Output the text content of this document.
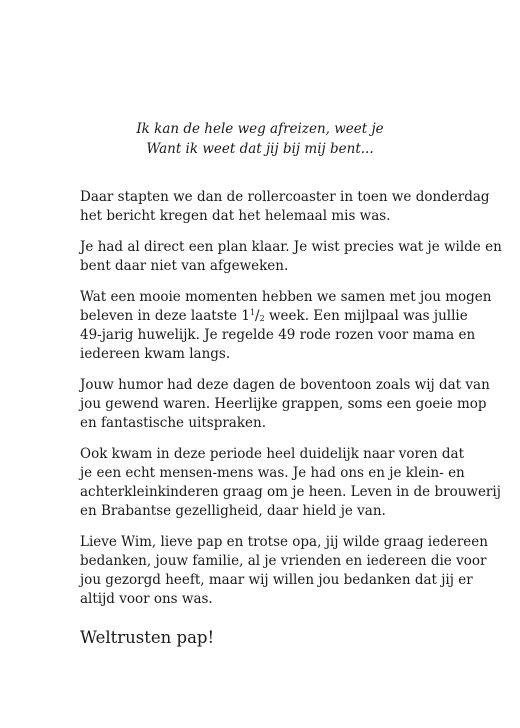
Ik kan de hele weg afreizen, weet je
Want ik weet dat jij bij mij bent...

Daar stapten we dan de rollercoaster in toen we donderdag
het bericht kregen dat het helemaal mis was.

Je had al direct een plan klaar. Je wist precies wat je wilde en
bent daar niet van afgeweken.

Wat een mooie momenten hebben we samen met jou mogen
beleven in deze laatste $1^1/_2$ week. Een mijlpaal was jullie
49-jarig huwelijk. Je regelde 49 rode rozen voor mama en
iedereen kwam langs.

Jouw humor had deze dagen de boventoon zoals wij dat van
jou gewend waren. Heerlijke grappen, soms een goeie mop
en fantastische uitspraken.

Ook kwam in deze periode heel duidelijk naar voren dat
je een echt mensen-mens was. Je had ons en je klein- en
achterkleinkinderen graag om je heen. Leven in de brouwerij
en Brabantse gezelligheid, daar hield je van.

Lieve Wim, lieve pap en trotse opa, jij wilde graag iedereen
bedanken, jouw familie, al je vrienden en iedereen die voor
jou gezorgd heeft, maar wij willen jou bedanken dat jij er
altijd voor ons was.

Weltrusten pap!
